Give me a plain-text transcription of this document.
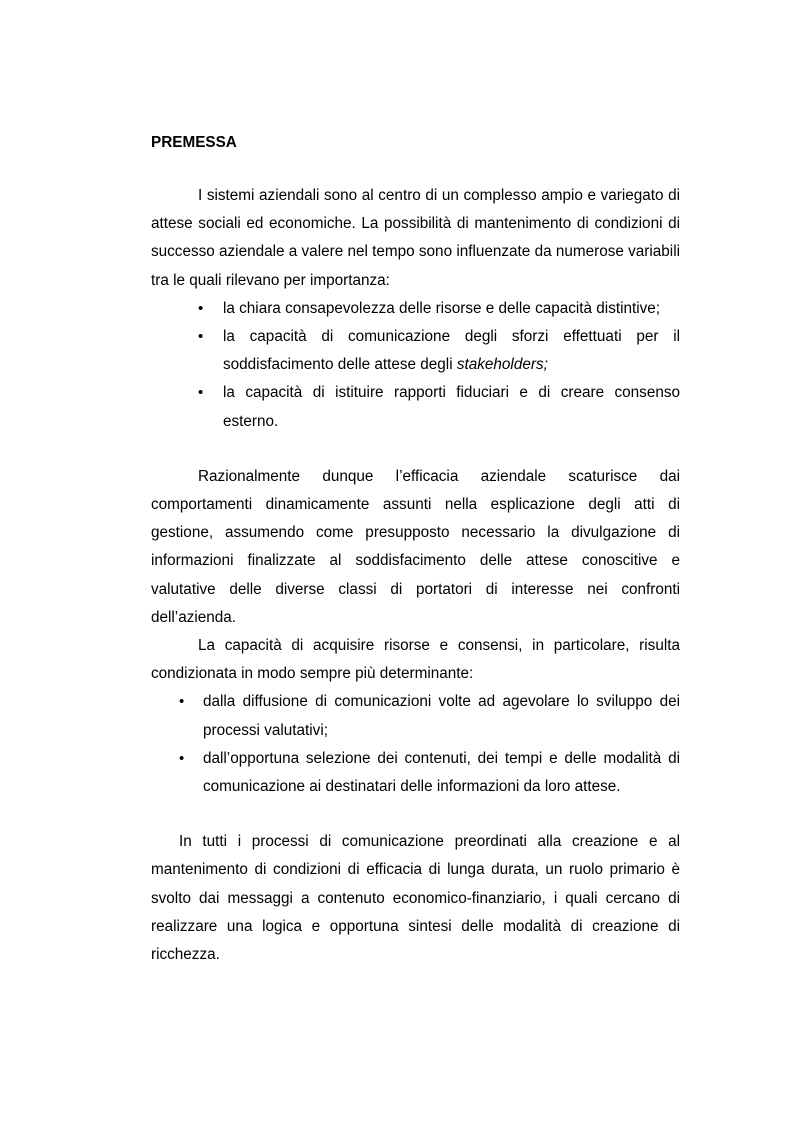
PREMESSA

I sistemi aziendali sono al centro di un complesso ampio e variegato di attese sociali ed economiche. La possibilità di mantenimento di condizioni di successo aziendale a valere nel tempo sono influenzate da numerose variabili tra le quali rilevano per importanza:

• la chiara consapevolezza delle risorse e delle capacità distintive;
• la capacità di comunicazione degli sforzi effettuati per il soddisfacimento delle attese degli stakeholders;
• la capacità di istituire rapporti fiduciari e di creare consenso esterno.

Razionalmente dunque l’efficacia aziendale scaturisce dai comportamenti dinamicamente assunti nella esplicazione degli atti di gestione, assumendo come presupposto necessario la divulgazione di informazioni finalizzate al soddisfacimento delle attese conoscitive e valutative delle diverse classi di portatori di interesse nei confronti dell’azienda.

La capacità di acquisire risorse e consensi, in particolare, risulta condizionata in modo sempre più determinante:

• dalla diffusione di comunicazioni volte ad agevolare lo sviluppo dei processi valutativi;
• dall’opportuna selezione dei contenuti, dei tempi e delle modalità di comunicazione ai destinatari delle informazioni da loro attese.

In tutti i processi di comunicazione preordinati alla creazione e al mantenimento di condizioni di efficacia di lunga durata, un ruolo primario è svolto dai messaggi a contenuto economico-finanziario, i quali cercano di realizzare una logica e opportuna sintesi delle modalità di creazione di ricchezza.
